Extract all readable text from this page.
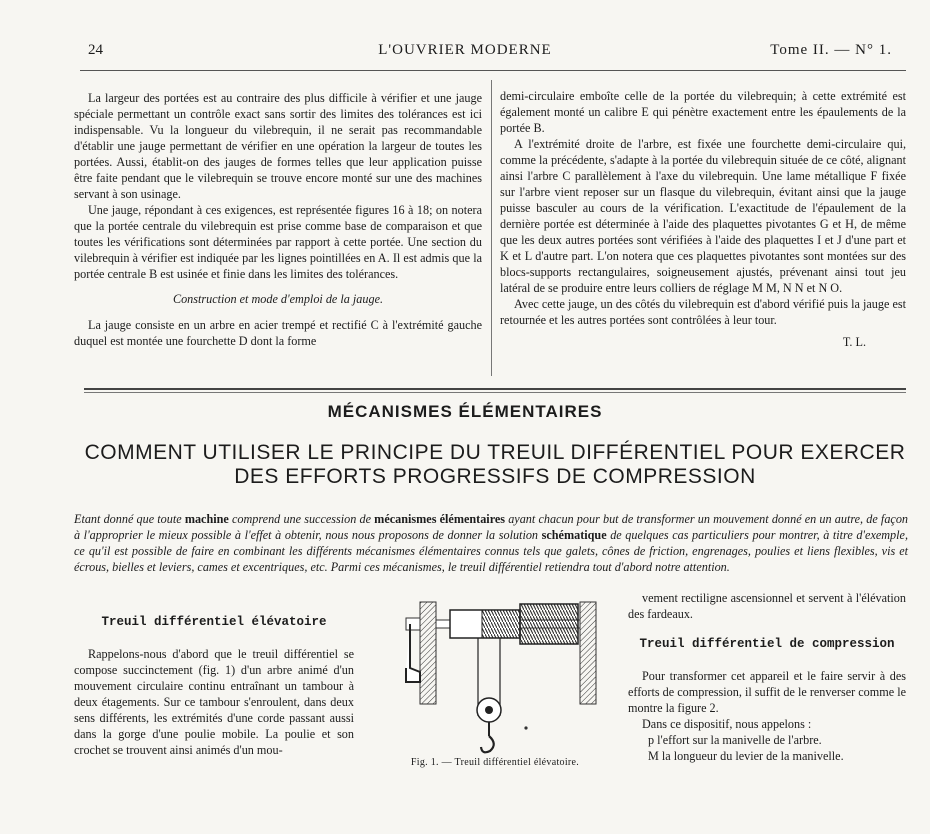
24	L'OUVRIER MODERNE	Tome II. — N° 1.

La largeur des portées est au contraire des plus difficile à vérifier et une jauge spéciale permettant un contrôle exact sans sortir des limites des tolérances est ici indispensable. Vu la longueur du vilebrequin, il ne serait pas recommandable d'établir une jauge permettant de vérifier en une opération la largeur de toutes les portées. Aussi, établit-on des jauges de formes telles que leur application puisse être faite pendant que le vilebrequin se trouve encore monté sur une des machines servant à son usinage.

Une jauge, répondant à ces exigences, est représentée figures 16 à 18; on notera que la portée centrale du vilebrequin est prise comme base de comparaison et que toutes les vérifications sont déterminées par rapport à cette portée. Une section du vilebrequin à vérifier est indiquée par les lignes pointillées en A. Il est admis que la portée centrale B est usinée et finie dans les limites des tolérances.

Construction et mode d'emploi de la jauge.

La jauge consiste en un arbre en acier trempé et rectifié C à l'extrémité gauche duquel est montée une fourchette D dont la forme

demi-circulaire emboîte celle de la portée du vilebrequin; à cette extrémité est également monté un calibre E qui pénètre exactement entre les épaulements de la portée B.

A l'extrémité droite de l'arbre, est fixée une fourchette demi-circulaire qui, comme la précédente, s'adapte à la portée du vilebrequin située de ce côté, alignant ainsi l'arbre C parallèlement à l'axe du vilebrequin. Une lame métallique F fixée sur l'arbre vient reposer sur un flasque du vilebrequin, évitant ainsi que la jauge puisse basculer au cours de la vérification. L'exactitude de l'épaulement de la dernière portée est déterminée à l'aide des plaquettes pivotantes G et H, de même que les deux autres portées sont vérifiées à l'aide des plaquettes I et J d'une part et K et L d'autre part. L'on notera que ces plaquettes pivotantes sont montées sur des blocs-supports rectangulaires, soigneusement ajustés, prévenant ainsi tout jeu latéral de se produire entre leurs colliers de réglage M M, N N et N O.

Avec cette jauge, un des côtés du vilebrequin est d'abord vérifié puis la jauge est retournée et les autres portées sont contrôlées à leur tour.

T. L.
MÉCANISMES ÉLÉMENTAIRES
COMMENT UTILISER LE PRINCIPE DU TREUIL DIFFÉRENTIEL POUR EXERCER DES EFFORTS PROGRESSIFS DE COMPRESSION
Etant donné que toute machine comprend une succession de mécanismes élémentaires ayant chacun pour but de transformer un mouvement donné en un autre, de façon à l'approprier le mieux possible à l'effet à obtenir, nous nous proposons de donner la solution schématique de quelques cas particuliers pour montrer, à titre d'exemple, ce qu'il est possible de faire en combinant les différents mécanismes élémentaires connus tels que galets, cônes de friction, engrenages, poulies et liens flexibles, vis et écrous, bielles et leviers, cames et excentriques, etc. Parmi ces mécanismes, le treuil différentiel retiendra tout d'abord notre attention.
Treuil différentiel élévatoire

Rappelons-nous d'abord que le treuil différentiel se compose succinctement (fig. 1) d'un arbre animé d'un mouvement circulaire continu entraînant un tambour à deux étagements. Sur ce tambour s'enroulent, dans deux sens différents, les extrémités d'une corde passant aussi dans la gorge d'une poulie mobile. La poulie et son crochet se trouvent ainsi animés d'un mou-

Fig. 1. — Treuil différentiel élévatoire.

vement rectiligne ascensionnel et servent à l'élévation des fardeaux.

Treuil différentiel de compression

Pour transformer cet appareil et le faire servir à des efforts de compression, il suffit de le renverser comme le montre la figure 2.

Dans ce dispositif, nous appelons :

p l'effort sur la manivelle de l'arbre.

M la longueur du levier de la manivelle.
